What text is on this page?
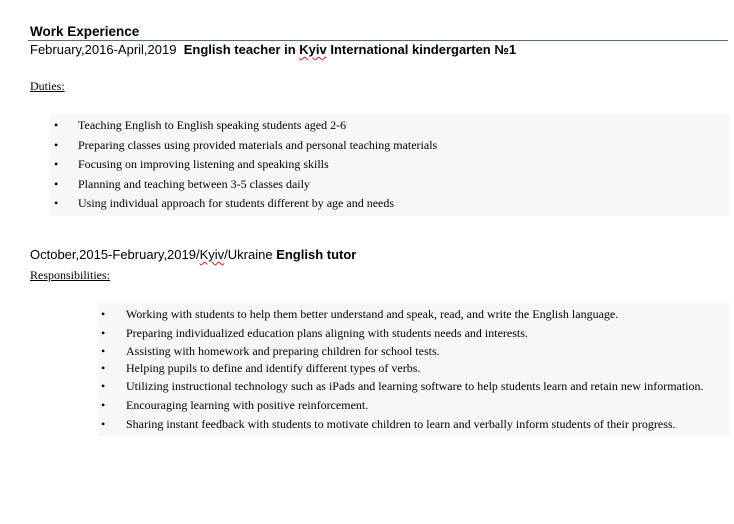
Work Experience
February,2016-April,2019 English teacher in Kyiv International kindergarten №1
Duties:
• Teaching English to English speaking students aged 2-6
• Preparing classes using provided materials and personal teaching materials
• Focusing on improving listening and speaking skills
• Planning and teaching between 3-5 classes daily
• Using individual approach for students different by age and needs
October,2015-February,2019/Kyiv/Ukraine English tutor
Responsibilities:
• Working with students to help them better understand and speak, read, and write the English language.
• Preparing individualized education plans aligning with students needs and interests.
• Assisting with homework and preparing children for school tests.
• Helping pupils to define and identify different types of verbs.
• Utilizing instructional technology such as iPads and learning software to help students learn and retain new information.
• Encouraging learning with positive reinforcement.
• Sharing instant feedback with students to motivate children to learn and verbally inform students of their progress.
